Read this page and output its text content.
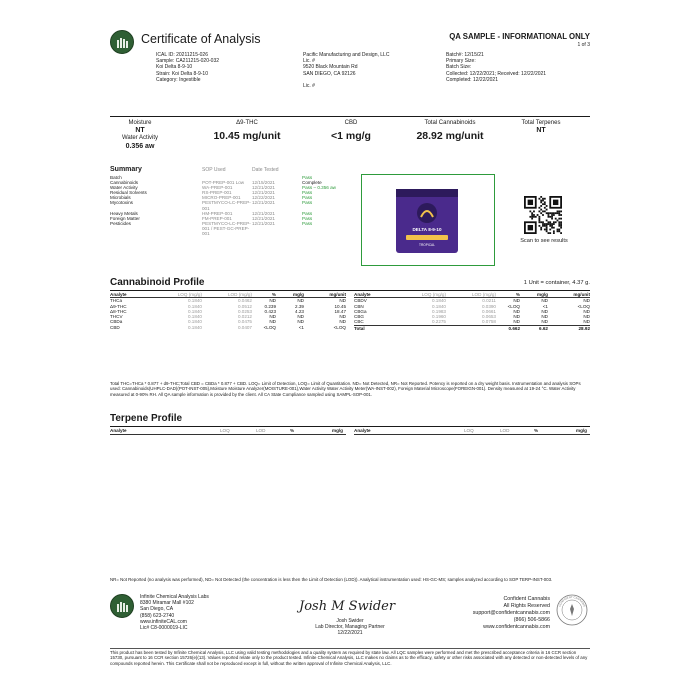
Certificate of Analysis	QA SAMPLE - INFORMATIONAL ONLY
1 of 3
ICAL ID: 20211215-026
Sample: CA211215-020-032
Koi Delta 8-9-10
Strain: Koi Delta 8-9-10
Category: Ingestible
Pacific Manufacturing and Design, LLC
Lic. #
9520 Black Mountain Rd
SAN DIEGO, CA 92126
Lic. #
Batch#: 12/15/21
Primary Size:
Batch Size:
Collected: 12/22/2021; Received: 12/22/2021
Completed: 12/22/2021
Moisture
NT
Water Activity
0.356 aw
Δ9-THC
10.45 mg/unit
CBD
<1 mg/g
Total Cannabinoids
28.92 mg/unit
Total Terpenes
NT
Summary	SOP Used	Date Tested
Batch			Pass
Cannabinoids	POT-PREP-001 Low	12/15/2021	Complete
Water Activity	WA-PREP-001	12/21/2021	Pass – 0.356 aw
Residual Solvents	RS-PREP-001	12/21/2021	Pass
Microbials	MICRO-PREP-001	12/22/2021	Pass
Mycotoxins	PESTMYCO-LC-PREP-001	12/21/2021	Pass
Heavy Metals	HM-PREP-001	12/21/2021	Pass
Foreign Matter	FM-PREP-001	12/21/2021	Pass
Pesticides	PESTMYCO-LC-PREP-001 / PEST-GC-PREP-001	12/21/2021	Pass
DELTA 8-9-10
TROPICAL
Scan to see results
Cannabinoid Profile	1 Unit = container, 4.37 g.
Analyte	LOQ (mg/g)	LOD (mg/g)	%	mg/g	mg/unit
THCa	0.1840	0.0462	ND	ND	ND
Δ9-THC	0.1840	0.0512	0.239	2.39	10.45
Δ8-THC	0.1840	0.0253	0.423	4.23	18.47
THCV	0.1840	0.0212	ND	ND	ND
CBDa	0.1840	0.0475	ND	ND	ND
CBD	0.1840	0.0407	<LOQ	<1	<LOQ
Analyte	LOQ (mg/g)	LOD (mg/g)	%	mg/g	mg/unit
CBDV	0.1840	0.0211	ND	ND	ND
CBN	0.1840	0.0390	<LOQ	<1	<LOQ
CBGa	0.1983	0.0661	ND	ND	ND
CBG	0.1960	0.0653	ND	ND	ND
CBC	0.2275	0.0758	ND	ND	ND
Total			0.662	6.62	28.92
Total THC=THCa * 0.877 + d9-THC;Total CBD = CBDa * 0.877 + CBD. LOQ= Limit of Detection, LOQ= Limit of Quantitation. ND= Not Detected, NR= Not Reported. Potency is reported on a dry weight basis. Instrumentation and analysis SOPs used: Cannabinoids(UHPLC-DAD)(POT-INST-005),Moisture Moisture Analyzer(MOISTURE-001),Water Activity Water Activity Meter(WA-INST-002), Foreign Material Microscope(FOREIGN-001). Density measured at 19-24 °C. Water Activity measured at 0-90% RH. All QA sample information is provided by the client. All CA State Compliance sampled using SAMPL-SOP-001.
Terpene Profile
Analyte	LOQ	LOD	%	mg/g Analyte	LOQ	LOD	%	mg/g
NR= Not Reported (no analysis was performed), ND= Not Detected (the concentration is less then the Limit of Detection (LOD)). Analytical instrumentation used: HS-GC-MS; samples analyzed according to SOP TERP-INST-003.
Infinite Chemical Analysis Labs
8380 Miramar Mall #102
San Diego, CA
(858) 623-2740
www.infiniteCAL.com
Lic# C8-0000019-LIC
Josh M Swider
Josh Swider
Lab Director, Managing Partner
12/22/2021
Confident Cannabis
All Rights Reserved
support@confidentcannabis.com
(866) 506-5866
www.confidentcannabis.com
CONFIDENT CANNABIS
This product has been tested by Infinite Chemical Analysis, LLC using valid testing methodologies and a quality system as required by state law. All LQC samples were performed and met the prescribed acceptance criteria in 16 CCR section 15730, pursuant to 16 CCR section 15726(e)(13). Values reported relate only to the product tested. Infinite Chemical Analysis, LLC makes no claims as to the efficacy, safety or other risks associated with any detected or non-detected levels of any compounds reported herein. This Certificate shall not be reproduced except in full, without the written approval of Infinite Chemical Analysis, LLC.
